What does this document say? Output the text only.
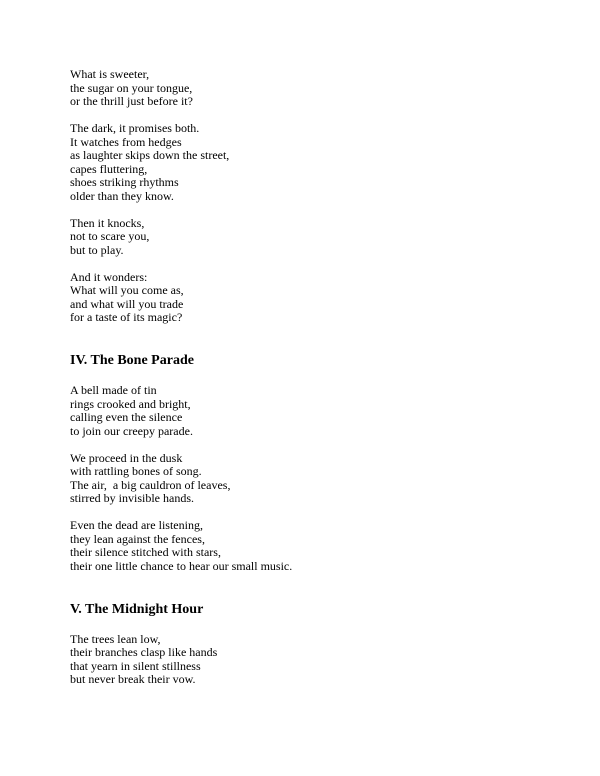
What is sweeter,
the sugar on your tongue,
or the thrill just before it?
The dark, it promises both.
It watches from hedges
as laughter skips down the street,
capes fluttering,
shoes striking rhythms
older than they know.
Then it knocks,
not to scare you,
but to play.
And it wonders:
What will you come as,
and what will you trade
for a taste of its magic?
IV. The Bone Parade
A bell made of tin
rings crooked and bright,
calling even the silence
to join our creepy parade.
We proceed in the dusk
with rattling bones of song.
The air,  a big cauldron of leaves,
stirred by invisible hands.
Even the dead are listening,
they lean against the fences,
their silence stitched with stars,
their one little chance to hear our small music.
V. The Midnight Hour
The trees lean low,
their branches clasp like hands
that yearn in silent stillness
but never break their vow.
